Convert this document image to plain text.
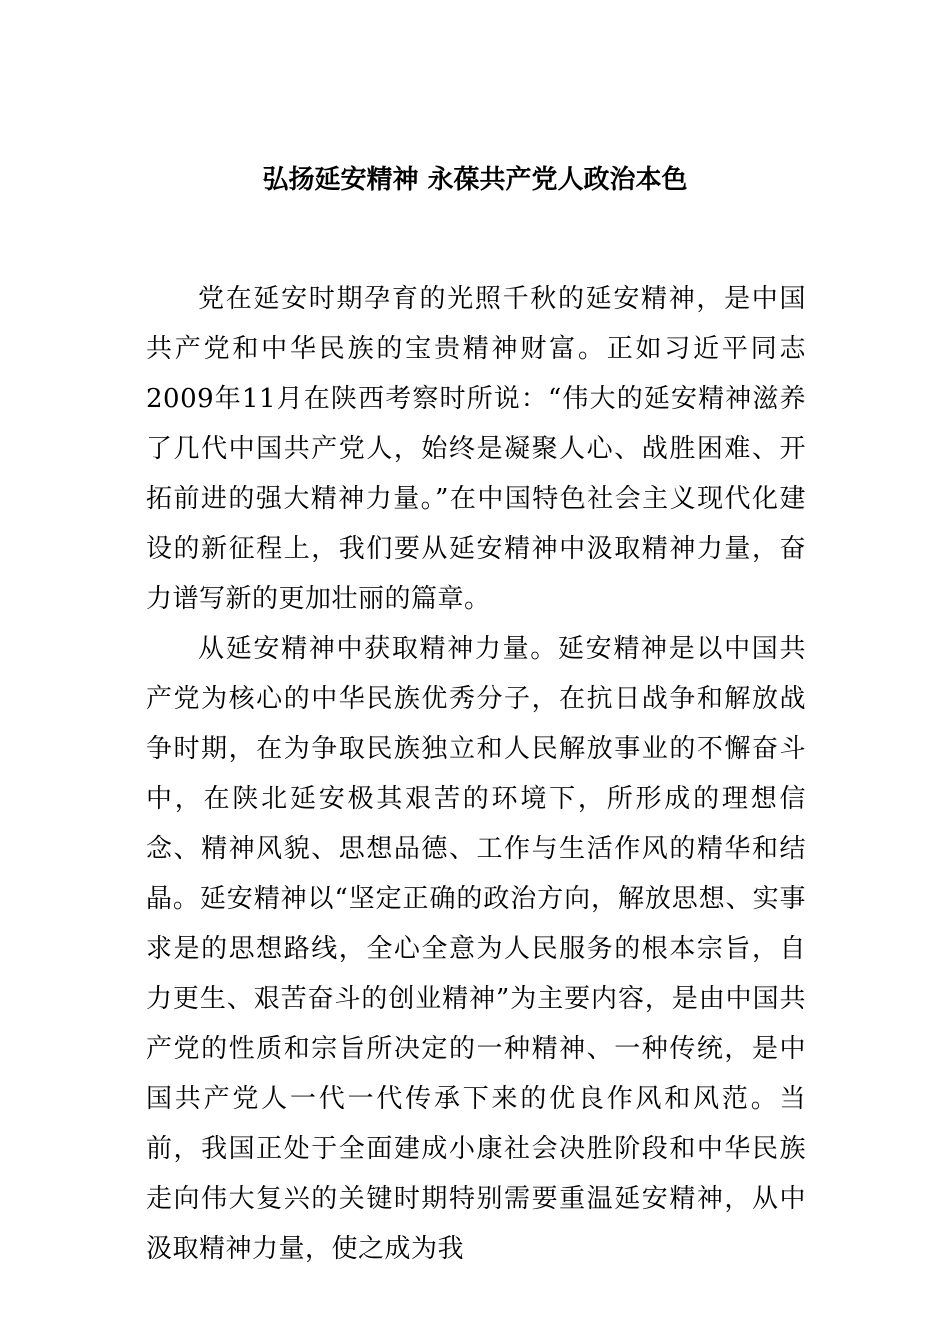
弘扬延安精神 永葆共产党人政治本色

党在延安时期孕育的光照千秋的延安精神，是中国共产党和中华民族的宝贵精神财富。正如习近平同志2009年11月在陕西考察时所说：“伟大的延安精神滋养了几代中国共产党人，始终是凝聚人心、战胜困难、开拓前进的强大精神力量。”在中国特色社会主义现代化建设的新征程上，我们要从延安精神中汲取精神力量，奋力谱写新的更加壮丽的篇章。

从延安精神中获取精神力量。延安精神是以中国共产党为核心的中华民族优秀分子，在抗日战争和解放战争时期，在为争取民族独立和人民解放事业的不懈奋斗中，在陕北延安极其艰苦的环境下，所形成的理想信念、精神风貌、思想品德、工作与生活作风的精华和结晶。延安精神以“坚定正确的政治方向，解放思想、实事求是的思想路线，全心全意为人民服务的根本宗旨，自力更生、艰苦奋斗的创业精神”为主要内容，是由中国共产党的性质和宗旨所决定的一种精神、一种传统，是中国共产党人一代一代传承下来的优良作风和风范。当前，我国正处于全面建成小康社会决胜阶段和中华民族走向伟大复兴的关键时期特别需要重温延安精神，从中汲取精神力量，使之成为我
